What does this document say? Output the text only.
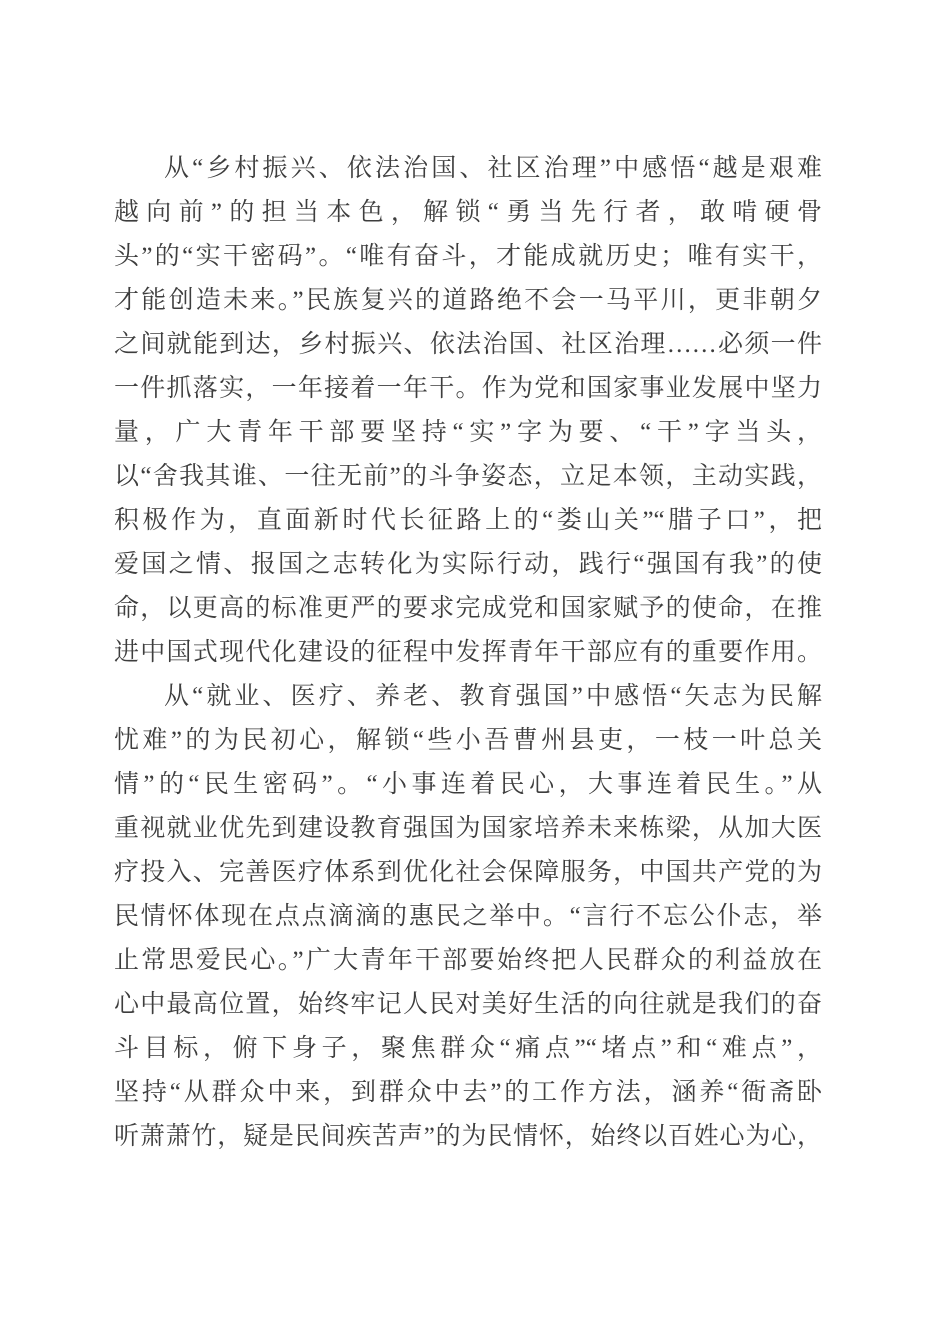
从“乡村振兴、依法治国、社区治理”中感悟“越是艰难
越向前”的担当本色，解锁“勇当先行者，敢啃硬骨
头”的“实干密码”。“唯有奋斗，才能成就历史；唯有实干，
才能创造未来。”民族复兴的道路绝不会一马平川，更非朝夕
之间就能到达，乡村振兴、依法治国、社区治理……必须一件
一件抓落实，一年接着一年干。作为党和国家事业发展中坚力
量，广大青年干部要坚持“实”字为要、“干”字当头，
以“舍我其谁、一往无前”的斗争姿态，立足本领，主动实践，
积极作为，直面新时代长征路上的“娄山关”“腊子口”，把
爱国之情、报国之志转化为实际行动，践行“强国有我”的使
命，以更高的标准更严的要求完成党和国家赋予的使命，在推
进中国式现代化建设的征程中发挥青年干部应有的重要作用。
从“就业、医疗、养老、教育强国”中感悟“矢志为民解
忧难”的为民初心，解锁“些小吾曹州县吏，一枝一叶总关
情”的“民生密码”。“小事连着民心，大事连着民生。”从
重视就业优先到建设教育强国为国家培养未来栋梁，从加大医
疗投入、完善医疗体系到优化社会保障服务，中国共产党的为
民情怀体现在点点滴滴的惠民之举中。“言行不忘公仆志，举
止常思爱民心。”广大青年干部要始终把人民群众的利益放在
心中最高位置，始终牢记人民对美好生活的向往就是我们的奋
斗目标，俯下身子，聚焦群众“痛点”“堵点”和“难点”，
坚持“从群众中来，到群众中去”的工作方法，涵养“衙斋卧
听萧萧竹，疑是民间疾苦声”的为民情怀，始终以百姓心为心，
